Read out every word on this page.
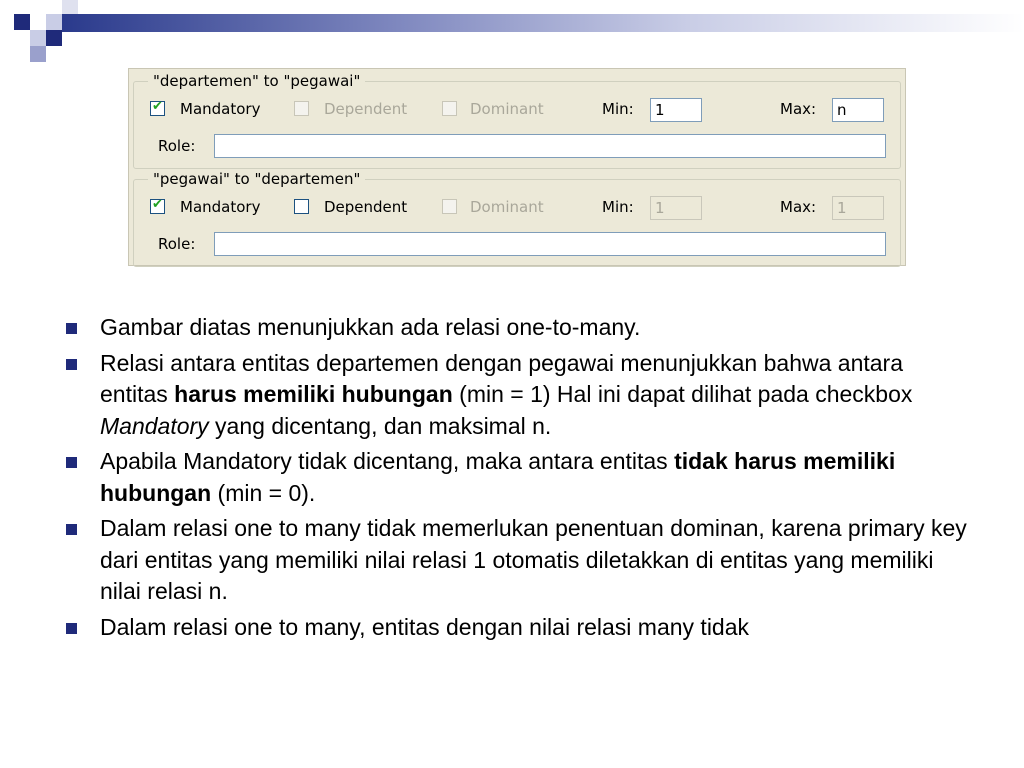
"departemen" to "pegawai"
✔ Mandatory	Dependent	Dominant	Min:	1	Max:	n
Role:
"pegawai" to "departemen"
✔ Mandatory	Dependent	Dominant	Min:	1	Max:	1
Role:
Gambar diatas menunjukkan ada relasi one-to-many.
Relasi antara entitas departemen dengan pegawai menunjukkan bahwa antara entitas harus memiliki hubungan (min = 1) Hal ini dapat dilihat pada checkbox Mandatory yang dicentang, dan maksimal n.
Apabila Mandatory tidak dicentang, maka antara entitas tidak harus memiliki hubungan (min = 0).
Dalam relasi one to many tidak memerlukan penentuan dominan, karena primary key dari entitas yang memiliki nilai relasi 1 otomatis diletakkan di entitas yang memiliki nilai relasi n.
Dalam relasi one to many, entitas dengan nilai relasi many tidak
